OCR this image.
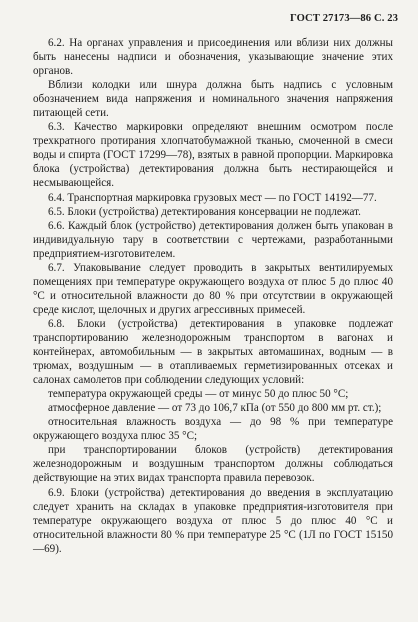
ГОСТ 27173—86 С. 23

6.2. На органах управления и присоединения или вблизи них должны быть нанесены надписи и обозначения, указывающие значение этих органов.

Вблизи колодки или шнура должна быть надпись с условным обозначением вида напряжения и номинального значения напряжения питающей сети.

6.3. Качество маркировки определяют внешним осмотром после трехкратного протирания хлопчатобумажной тканью, смоченной в смеси воды и спирта (ГОСТ 17299—78), взятых в равной пропорции. Маркировка блока (устройства) детектирования должна быть нестирающейся и несмывающейся.

6.4. Транспортная маркировка грузовых мест — по ГОСТ 14192—77.

6.5. Блоки (устройства) детектирования консервации не подлежат.

6.6. Каждый блок (устройство) детектирования должен быть упакован в индивидуальную тару в соответствии с чертежами, разработанными предприятием-изготовителем.

6.7. Упаковывание следует проводить в закрытых вентилируемых помещениях при температуре окружающего воздуха от плюс 5 до плюс 40 °С и относительной влажности до 80 % при отсутствии в окружающей среде кислот, щелочных и других агрессивных примесей.

6.8. Блоки (устройства) детектирования в упаковке подлежат транспортированию железнодорожным транспортом в вагонах и контейнерах, автомобильным — в закрытых автомашинах, водным — в трюмах, воздушным — в отапливаемых герметизированных отсеках и салонах самолетов при соблюдении следующих условий:

температура окружающей среды — от минус 50 до плюс 50 °С;

атмосферное давление — от 73 до 106,7 кПа (от 550 до 800 мм рт. ст.);

относительная влажность воздуха — до 98 % при температуре окружающего воздуха плюс 35 °С;

при транспортировании блоков (устройств) детектирования железнодорожным и воздушным транспортом должны соблюдаться действующие на этих видах транспорта правила перевозок.

6.9. Блоки (устройства) детектирования до введения в эксплуатацию следует хранить на складах в упаковке предприятия-изготовителя при температуре окружающего воздуха от плюс 5 до плюс 40 °С и относительной влажности 80 % при температуре 25 °С (1Л по ГОСТ 15150—69).
